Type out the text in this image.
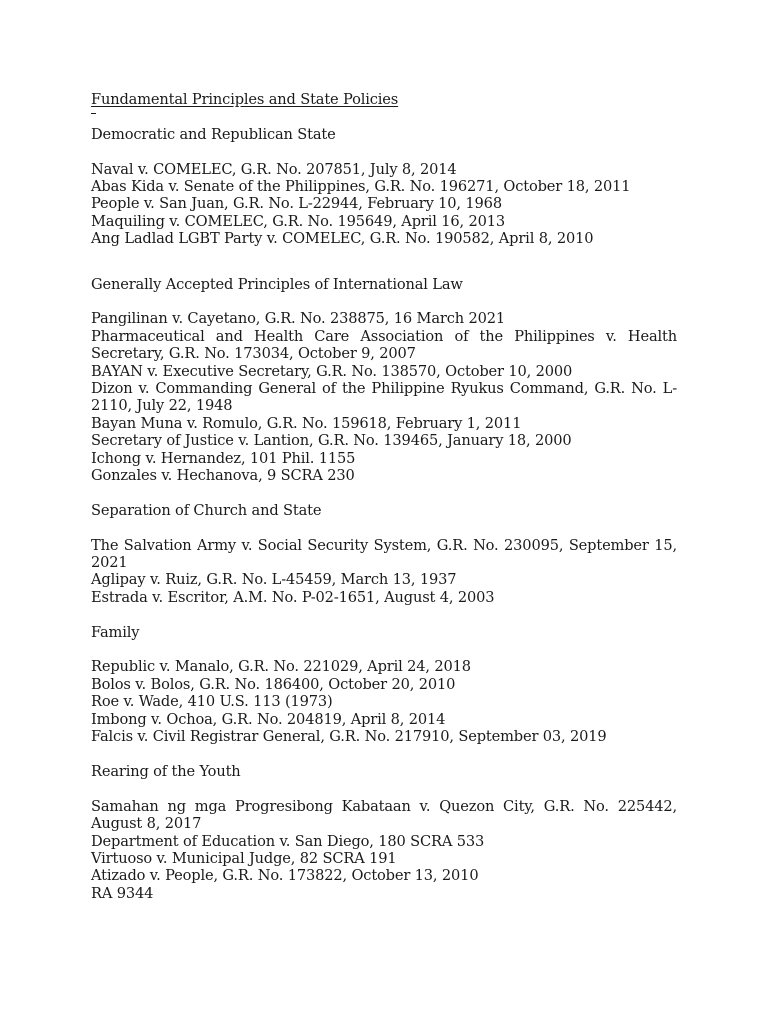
Fundamental Principles and State Policies
Democratic and Republican State
Naval v. COMELEC, G.R. No. 207851, July 8, 2014
Abas Kida v. Senate of the Philippines, G.R. No. 196271, October 18, 2011
People v. San Juan, G.R. No. L-22944, February 10, 1968
Maquiling v. COMELEC, G.R. No. 195649, April 16, 2013
Ang Ladlad LGBT Party v. COMELEC, G.R. No. 190582, April 8, 2010
Generally Accepted Principles of International Law
Pangilinan v. Cayetano, G.R. No. 238875, 16 March 2021
Pharmaceutical and Health Care Association of the Philippines v. Health Secretary, G.R. No. 173034, October 9, 2007
BAYAN v. Executive Secretary, G.R. No. 138570, October 10, 2000
Dizon v. Commanding General of the Philippine Ryukus Command, G.R. No. L-2110, July 22, 1948
Bayan Muna v. Romulo, G.R. No. 159618, February 1, 2011
Secretary of Justice v. Lantion, G.R. No. 139465, January 18, 2000
Ichong v. Hernandez, 101 Phil. 1155
Gonzales v. Hechanova, 9 SCRA 230
Separation of Church and State
The Salvation Army v. Social Security System, G.R. No. 230095, September 15, 2021
Aglipay v. Ruiz, G.R. No. L-45459, March 13, 1937
Estrada v. Escritor, A.M. No. P-02-1651, August 4, 2003
Family
Republic v. Manalo, G.R. No. 221029, April 24, 2018
Bolos v. Bolos, G.R. No. 186400, October 20, 2010
Roe v. Wade, 410 U.S. 113 (1973)
Imbong v. Ochoa, G.R. No. 204819, April 8, 2014
Falcis v. Civil Registrar General, G.R. No. 217910, September 03, 2019
Rearing of the Youth
Samahan ng mga Progresibong Kabataan v. Quezon City, G.R. No. 225442, August 8, 2017
Department of Education v. San Diego, 180 SCRA 533
Virtuoso v. Municipal Judge, 82 SCRA 191
Atizado v. People, G.R. No. 173822, October 13, 2010
RA 9344
